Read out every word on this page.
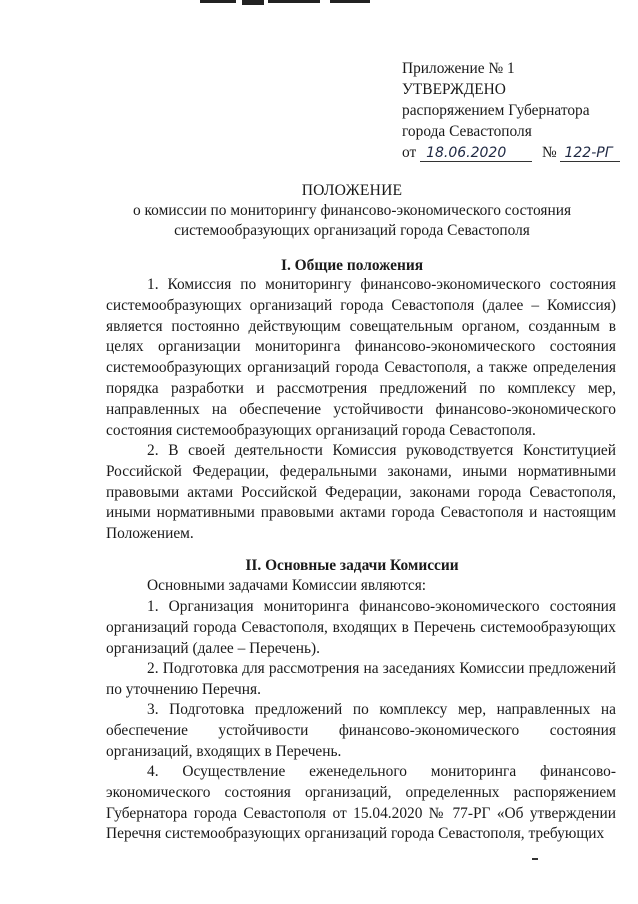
Приложение № 1
УТВЕРЖДЕНО
распоряжением Губернатора
города Севастополя
от 18.06.2020 № 122-РГ
ПОЛОЖЕНИЕ
о комиссии по мониторингу финансово-экономического состояния
системообразующих организаций города Севастополя
I. Общие положения
1. Комиссия по мониторингу финансово-экономического состояния системообразующих организаций города Севастополя (далее – Комиссия) является постоянно действующим совещательным органом, созданным в целях организации мониторинга финансово-экономического состояния системообразующих организаций города Севастополя, а также определения порядка разработки и рассмотрения предложений по комплексу мер, направленных на обеспечение устойчивости финансово-экономического состояния системообразующих организаций города Севастополя.
2. В своей деятельности Комиссия руководствуется Конституцией Российской Федерации, федеральными законами, иными нормативными правовыми актами Российской Федерации, законами города Севастополя, иными нормативными правовыми актами города Севастополя и настоящим Положением.
II. Основные задачи Комиссии
Основными задачами Комиссии являются:
1. Организация мониторинга финансово-экономического состояния организаций города Севастополя, входящих в Перечень системообразующих организаций (далее – Перечень).
2. Подготовка для рассмотрения на заседаниях Комиссии предложений по уточнению Перечня.
3. Подготовка предложений по комплексу мер, направленных на обеспечение устойчивости финансово-экономического состояния организаций, входящих в Перечень.
4. Осуществление еженедельного мониторинга финансово-экономического состояния организаций, определенных распоряжением Губернатора города Севастополя от 15.04.2020 № 77-РГ «Об утверждении Перечня системообразующих организаций города Севастополя, требующих
